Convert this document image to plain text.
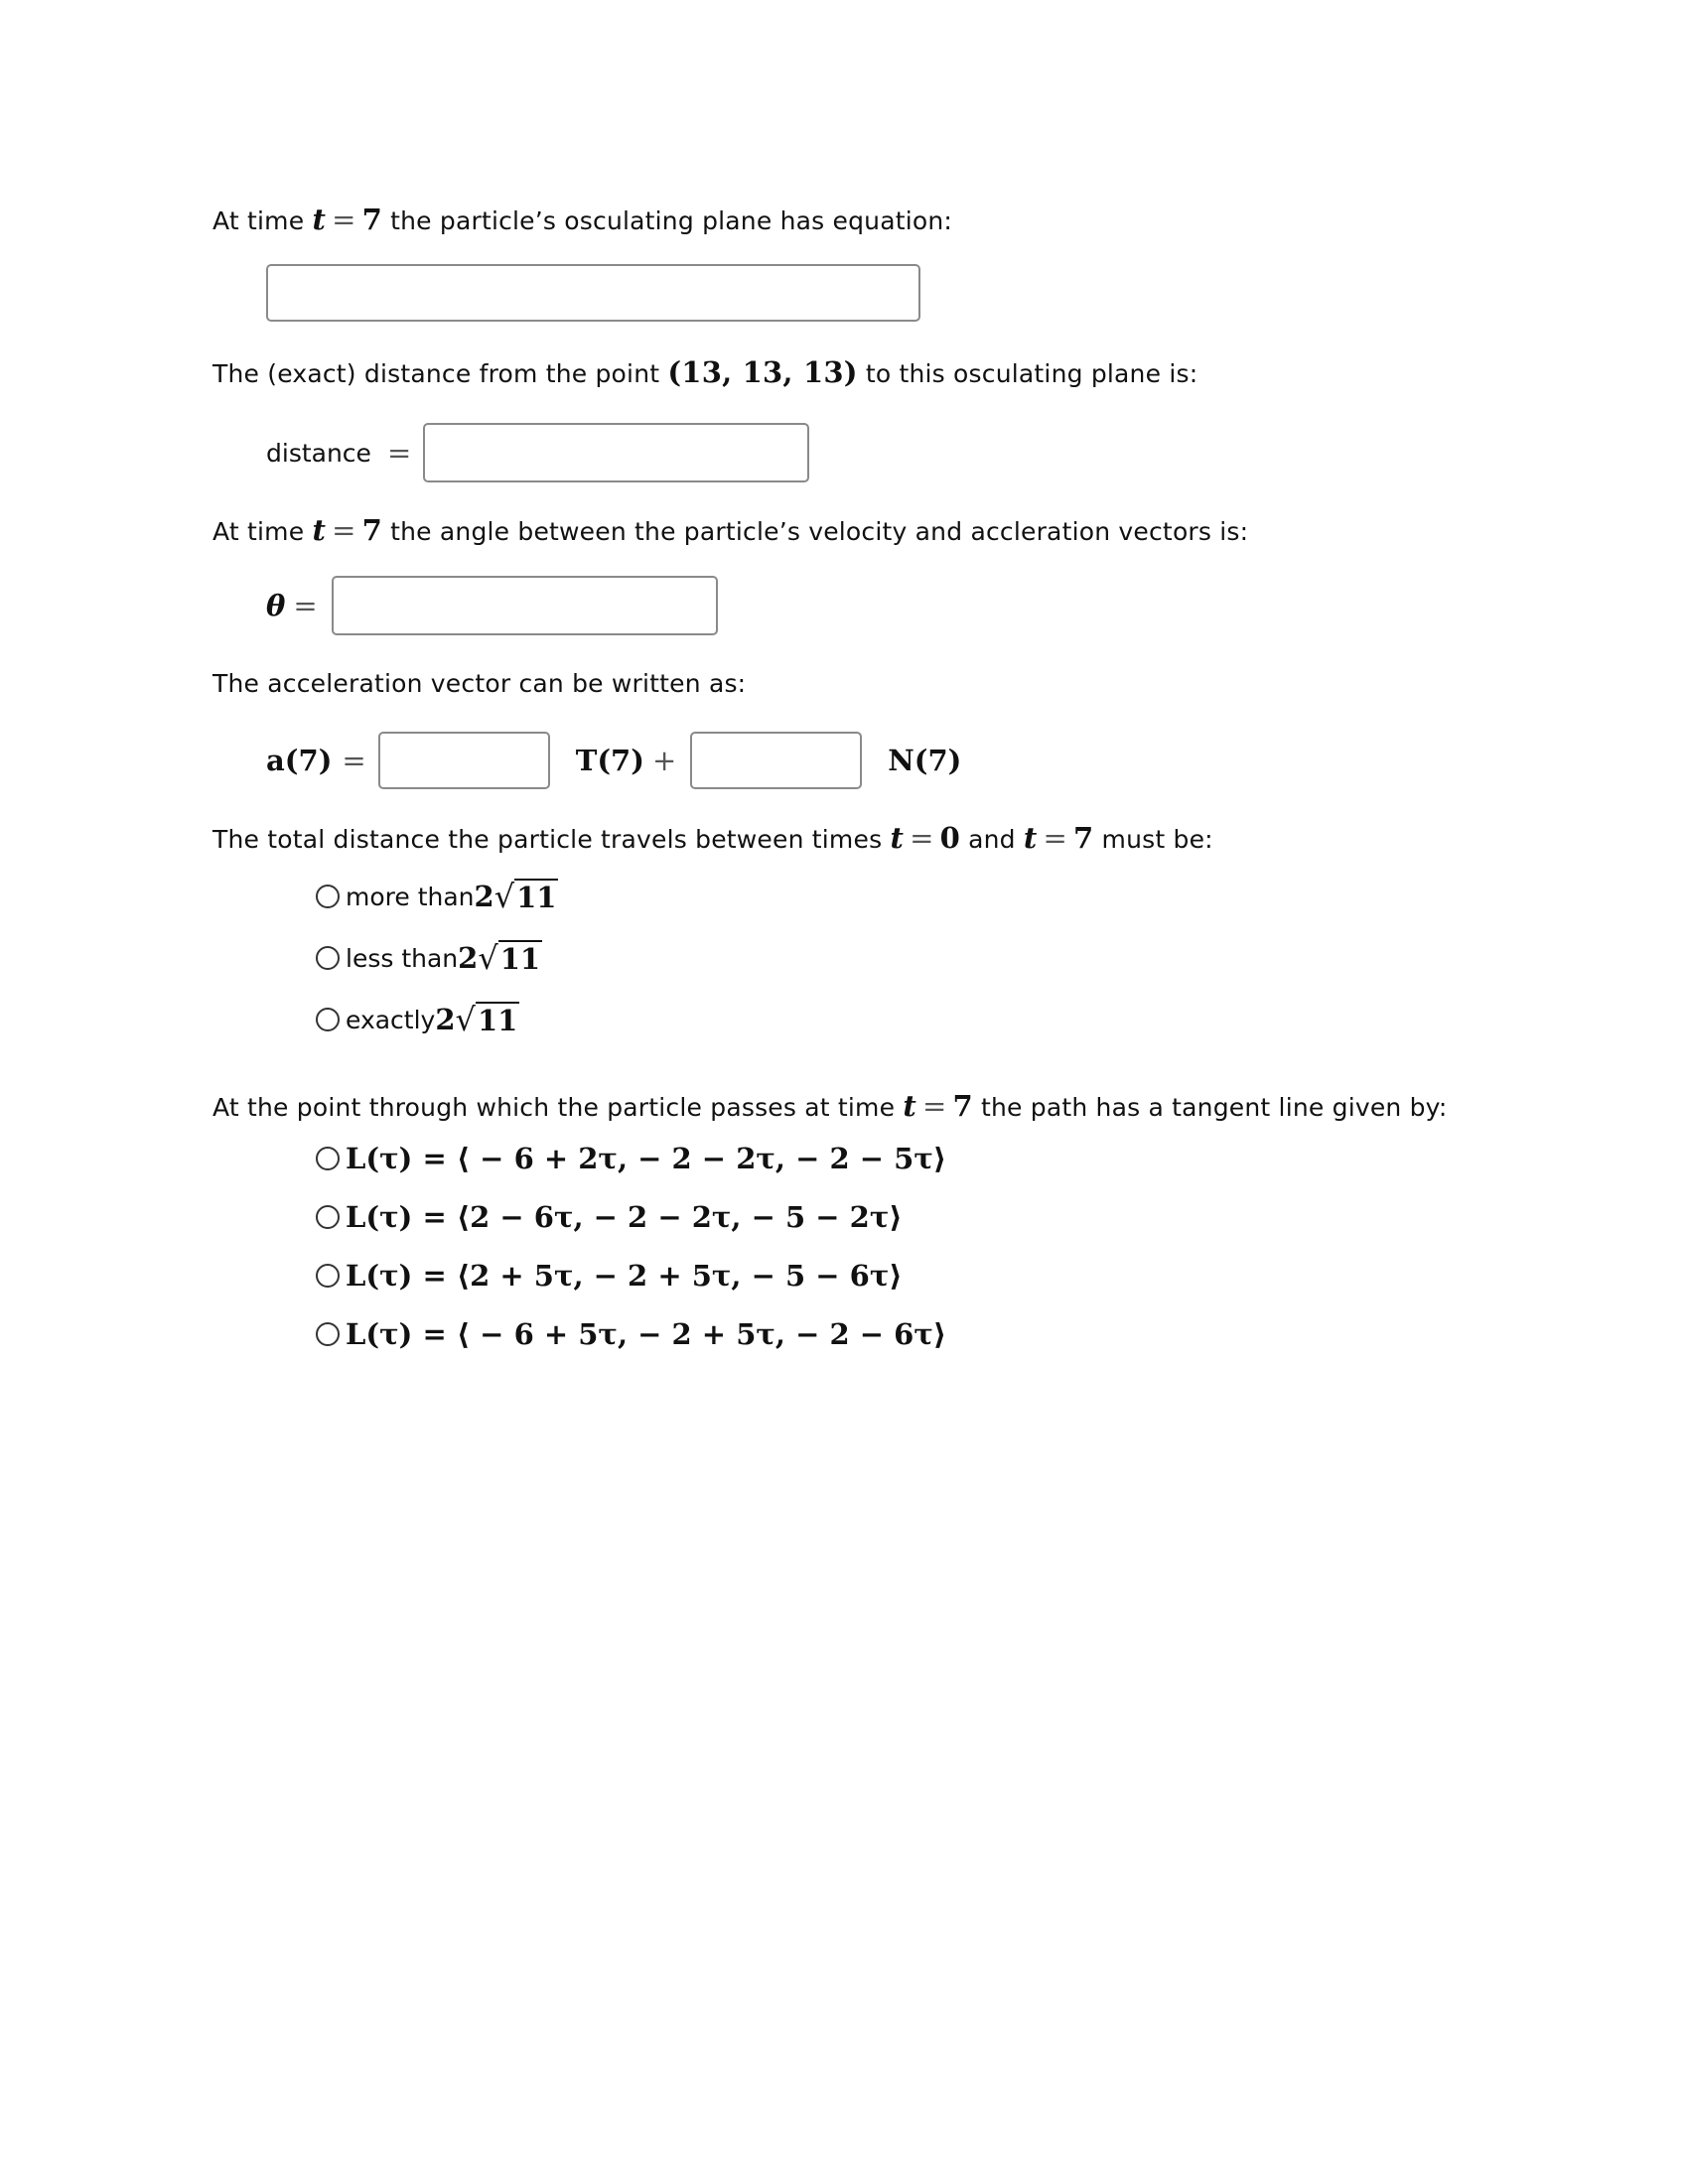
At time t = 7 the particle’s osculating plane has equation:
The (exact) distance from the point (13, 13, 13) to this osculating plane is:
distance =
At time t = 7 the angle between the particle’s velocity and accleration vectors is:
θ =
The acceleration vector can be written as:
a(7) =	T(7) +	N(7)
The total distance the particle travels between times t = 0 and t = 7 must be:
more than 2 √11
less than 2 √11
exactly 2 √11
At the point through which the particle passes at time t = 7 the path has a tangent line given by:
L(τ) = ⟨ − 6 + 2τ, − 2 − 2τ, − 2 − 5τ⟩
L(τ) = ⟨2 − 6τ, − 2 − 2τ, − 5 − 2τ⟩
L(τ) = ⟨2 + 5τ, − 2 + 5τ, − 5 − 6τ⟩
L(τ) = ⟨ − 6 + 5τ, − 2 + 5τ, − 2 − 6τ⟩
